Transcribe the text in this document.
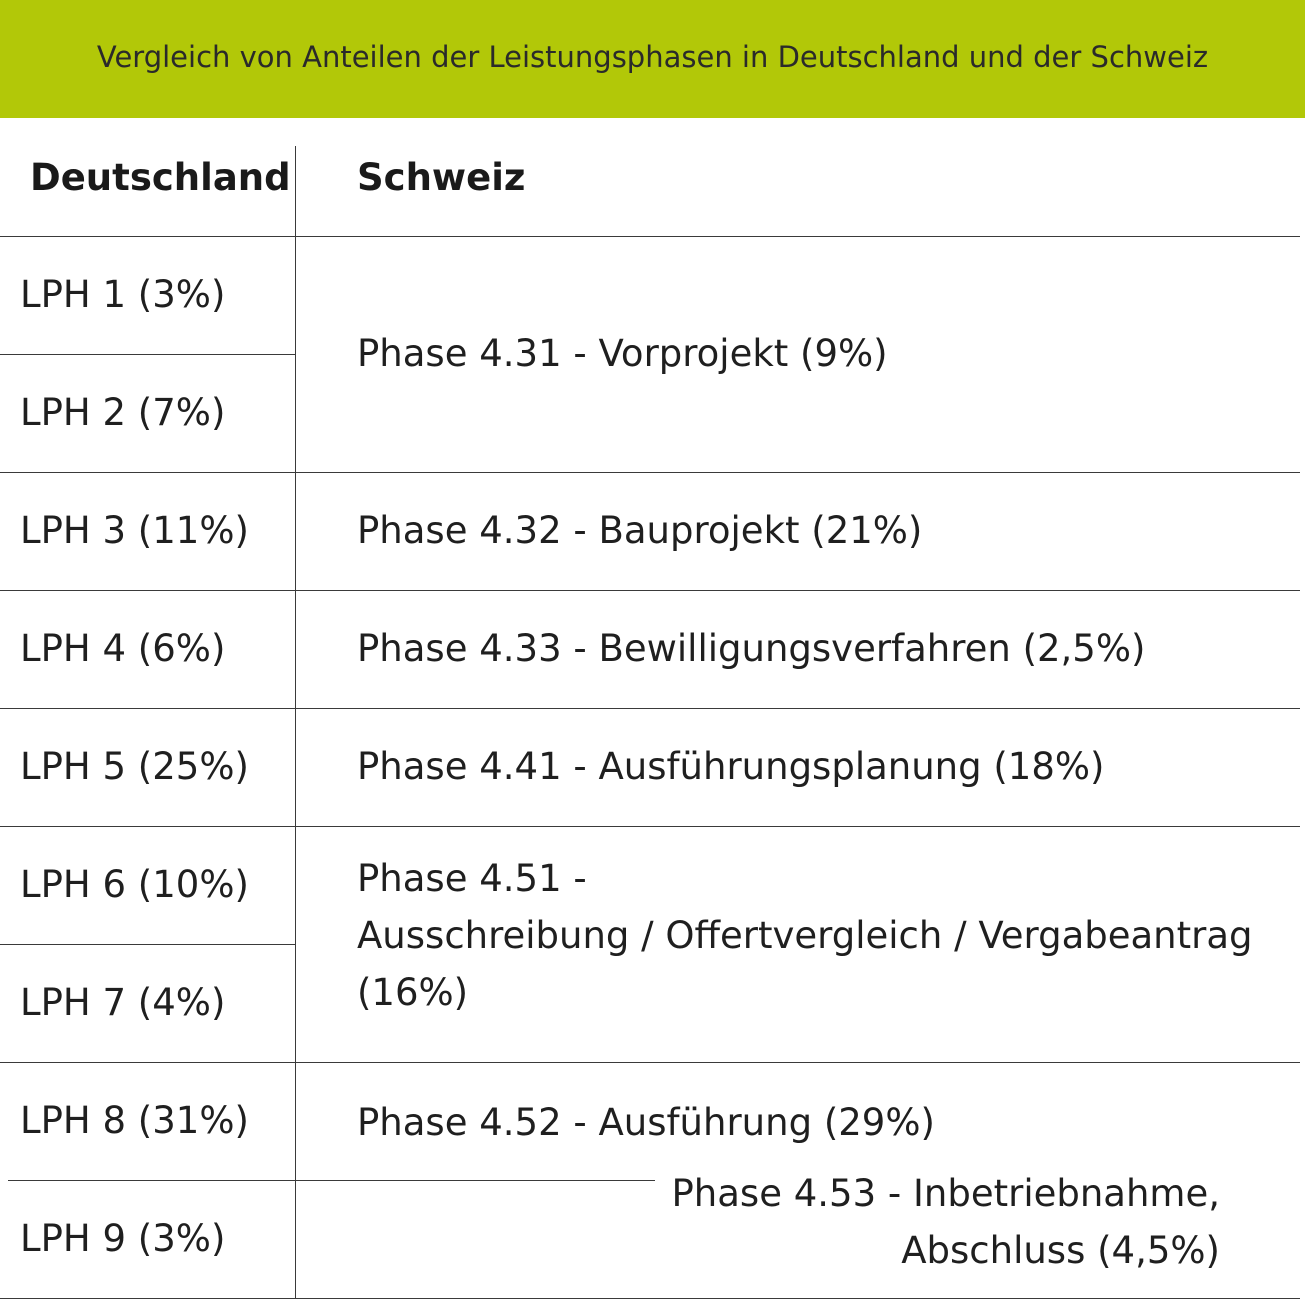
Vergleich von Anteilen der Leistungsphasen in Deutschland und der Schweiz
Deutschland Schweiz
LPH 1 (3%)
LPH 2 (7%)
LPH 3 (11%)
LPH 4 (6%)
LPH 5 (25%)
LPH 6 (10%)
LPH 7 (4%)
LPH 8 (31%)
LPH 9 (3%)
Phase 4.31 - Vorprojekt (9%)
Phase 4.32 - Bauprojekt (21%)
Phase 4.33 - Bewilligungsverfahren (2,5%)
Phase 4.41 - Ausführungsplanung (18%)
Phase 4.51 -
Ausschreibung / Offertvergleich / Vergabeantrag
(16%)
Phase 4.52 - Ausführung (29%)
Phase 4.53 - Inbetriebnahme,
Abschluss (4,5%)
